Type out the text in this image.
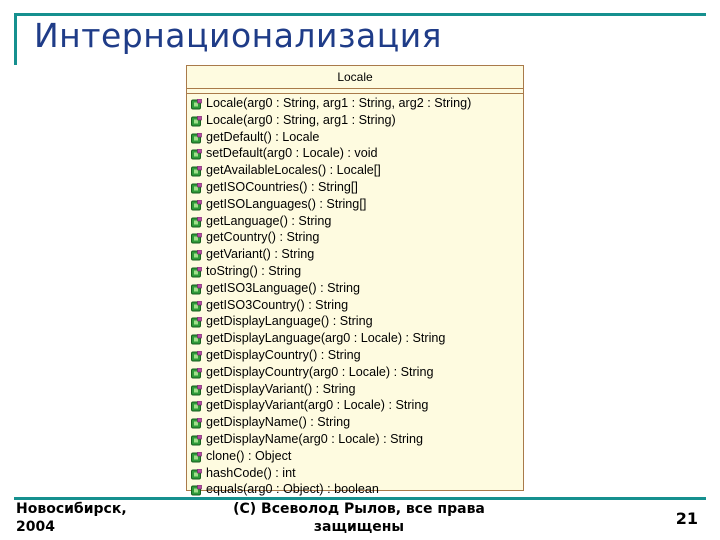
Интернационализация
Locale
Locale(arg0 : String, arg1 : String, arg2 : String)
Locale(arg0 : String, arg1 : String)
getDefault() : Locale
setDefault(arg0 : Locale) : void
getAvailableLocales() : Locale[]
getISOCountries() : String[]
getISOLanguages() : String[]
getLanguage() : String
getCountry() : String
getVariant() : String
toString() : String
getISO3Language() : String
getISO3Country() : String
getDisplayLanguage() : String
getDisplayLanguage(arg0 : Locale) : String
getDisplayCountry() : String
getDisplayCountry(arg0 : Locale) : String
getDisplayVariant() : String
getDisplayVariant(arg0 : Locale) : String
getDisplayName() : String
getDisplayName(arg0 : Locale) : String
clone() : Object
hashCode() : int
equals(arg0 : Object) : boolean
Новосибирск, 2004
(C) Всеволод Рылов, все права защищены	21
